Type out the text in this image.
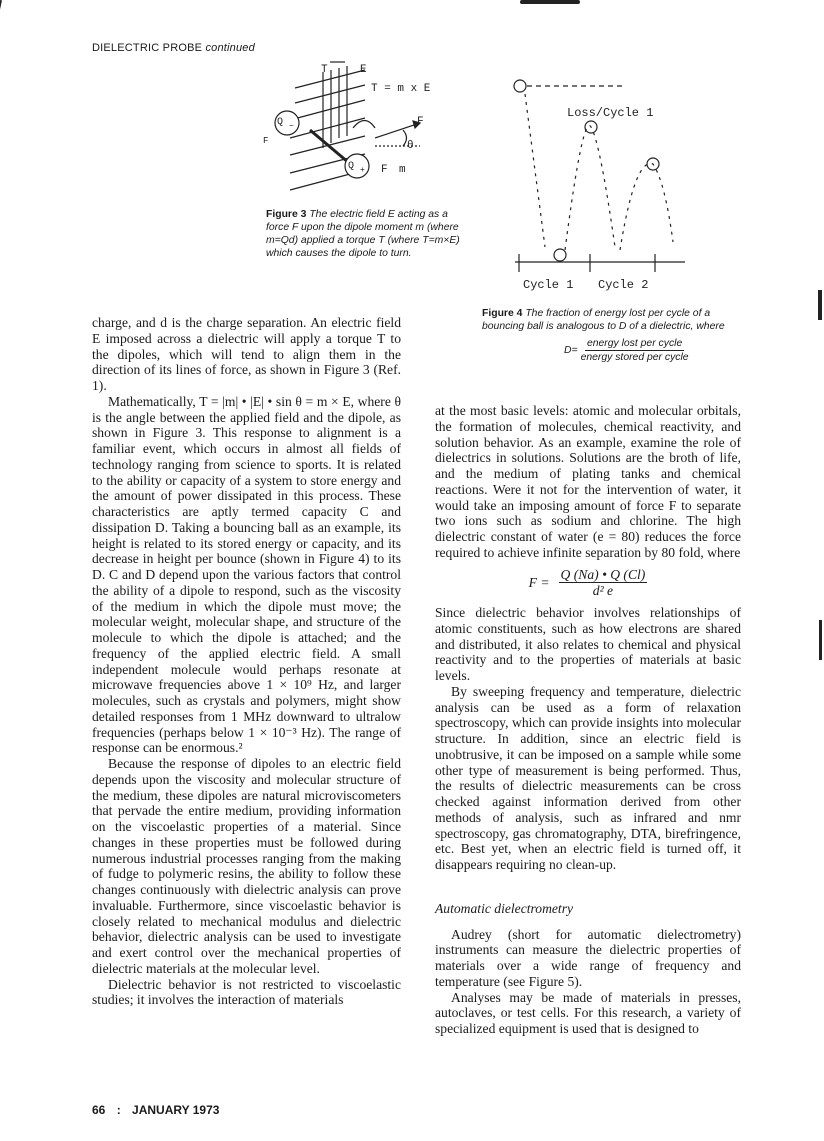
DIELECTRIC PROBE continued
T	E
T = m x E
F
θ
F
F m
Q −
Q +
Figure 3 The electric field E acting as a force F upon the dipole moment m (where m=Qd) applied a torque T (where T=m×E) which causes the dipole to turn.
Loss/Cycle 1
Cycle 1 Cycle 2
Figure 4 The fraction of energy lost per cycle of a bouncing ball is analogous to D of a dielectric, where
$D= \frac{\text{energy lost per cycle}}{\text{energy stored per cycle}}$

charge, and d is the charge separation. An electric field E imposed across a dielectric will apply a torque T to the dipoles, which will tend to align them in the direction of its lines of force, as shown in Figure 3 (Ref. 1).

Mathematically, T = |m| • |E| • sin θ = m × E, where θ is the angle between the applied field and the dipole, as shown in Figure 3. This response to alignment is a familiar event, which occurs in almost all fields of technology ranging from science to sports. It is related to the ability or capacity of a system to store energy and the amount of power dissipated in this process. These characteristics are aptly termed capacity C and dissipation D. Taking a bouncing ball as an example, its height is related to its stored energy or capacity, and its decrease in height per bounce (shown in Figure 4) to its D. C and D depend upon the various factors that control the ability of a dipole to respond, such as the viscosity of the medium in which the dipole must move; the molecular weight, molecular shape, and structure of the molecule to which the dipole is attached; and the frequency of the applied electric field. A small independent molecule would perhaps resonate at microwave frequencies above 1 × 10⁹ Hz, and larger molecules, such as crystals and polymers, might show detailed responses from 1 MHz downward to ultralow frequencies (perhaps below 1 × 10⁻³ Hz). The range of response can be enormous.²

Because the response of dipoles to an electric field depends upon the viscosity and molecular structure of the medium, these dipoles are natural microviscometers that pervade the entire medium, providing information on the viscoelastic properties of a material. Since changes in these properties must be followed during numerous industrial processes ranging from the making of fudge to polymeric resins, the ability to follow these changes continuously with dielectric analysis can prove invaluable. Furthermore, since viscoelastic behavior is closely related to mechanical modulus and dielectric behavior, dielectric analysis can be used to investigate and exert control over the mechanical properties of dielectric materials at the molecular level.

Dielectric behavior is not restricted to viscoelastic studies; it involves the interaction of materials

at the most basic levels: atomic and molecular orbitals, the formation of molecules, chemical reactivity, and solution behavior. As an example, examine the role of dielectrics in solutions. Solutions are the broth of life, and the medium of plating tanks and chemical reactions. Were it not for the intervention of water, it would take an imposing amount of force F to separate two ions such as sodium and chlorine. The high dielectric constant of water (e = 80) reduces the force required to achieve infinite separation by 80 fold, where

$F = \frac{Q (Na) • Q (Cl)}{\text{d² e}}$

Since dielectric behavior involves relationships of atomic constituents, such as how electrons are shared and distributed, it also relates to chemical and physical reactivity and to the properties of materials at basic levels.

By sweeping frequency and temperature, dielectric analysis can be used as a form of relaxation spectroscopy, which can provide insights into molecular structure. In addition, since an electric field is unobtrusive, it can be imposed on a sample while some other type of measurement is being performed. Thus, the results of dielectric measurements can be cross checked against information derived from other methods of analysis, such as infrared and nmr spectroscopy, gas chromatography, DTA, birefringence, etc. Best yet, when an electric field is turned off, it disappears requiring no clean-up.

Automatic dielectrometry

Audrey (short for automatic dielectrometry) instruments can measure the dielectric properties of materials over a wide range of frequency and temperature (see Figure 5).

Analyses may be made of materials in presses, autoclaves, or test cells. For this research, a variety of specialized equipment is used that is designed to

66 : JANUARY 1973
